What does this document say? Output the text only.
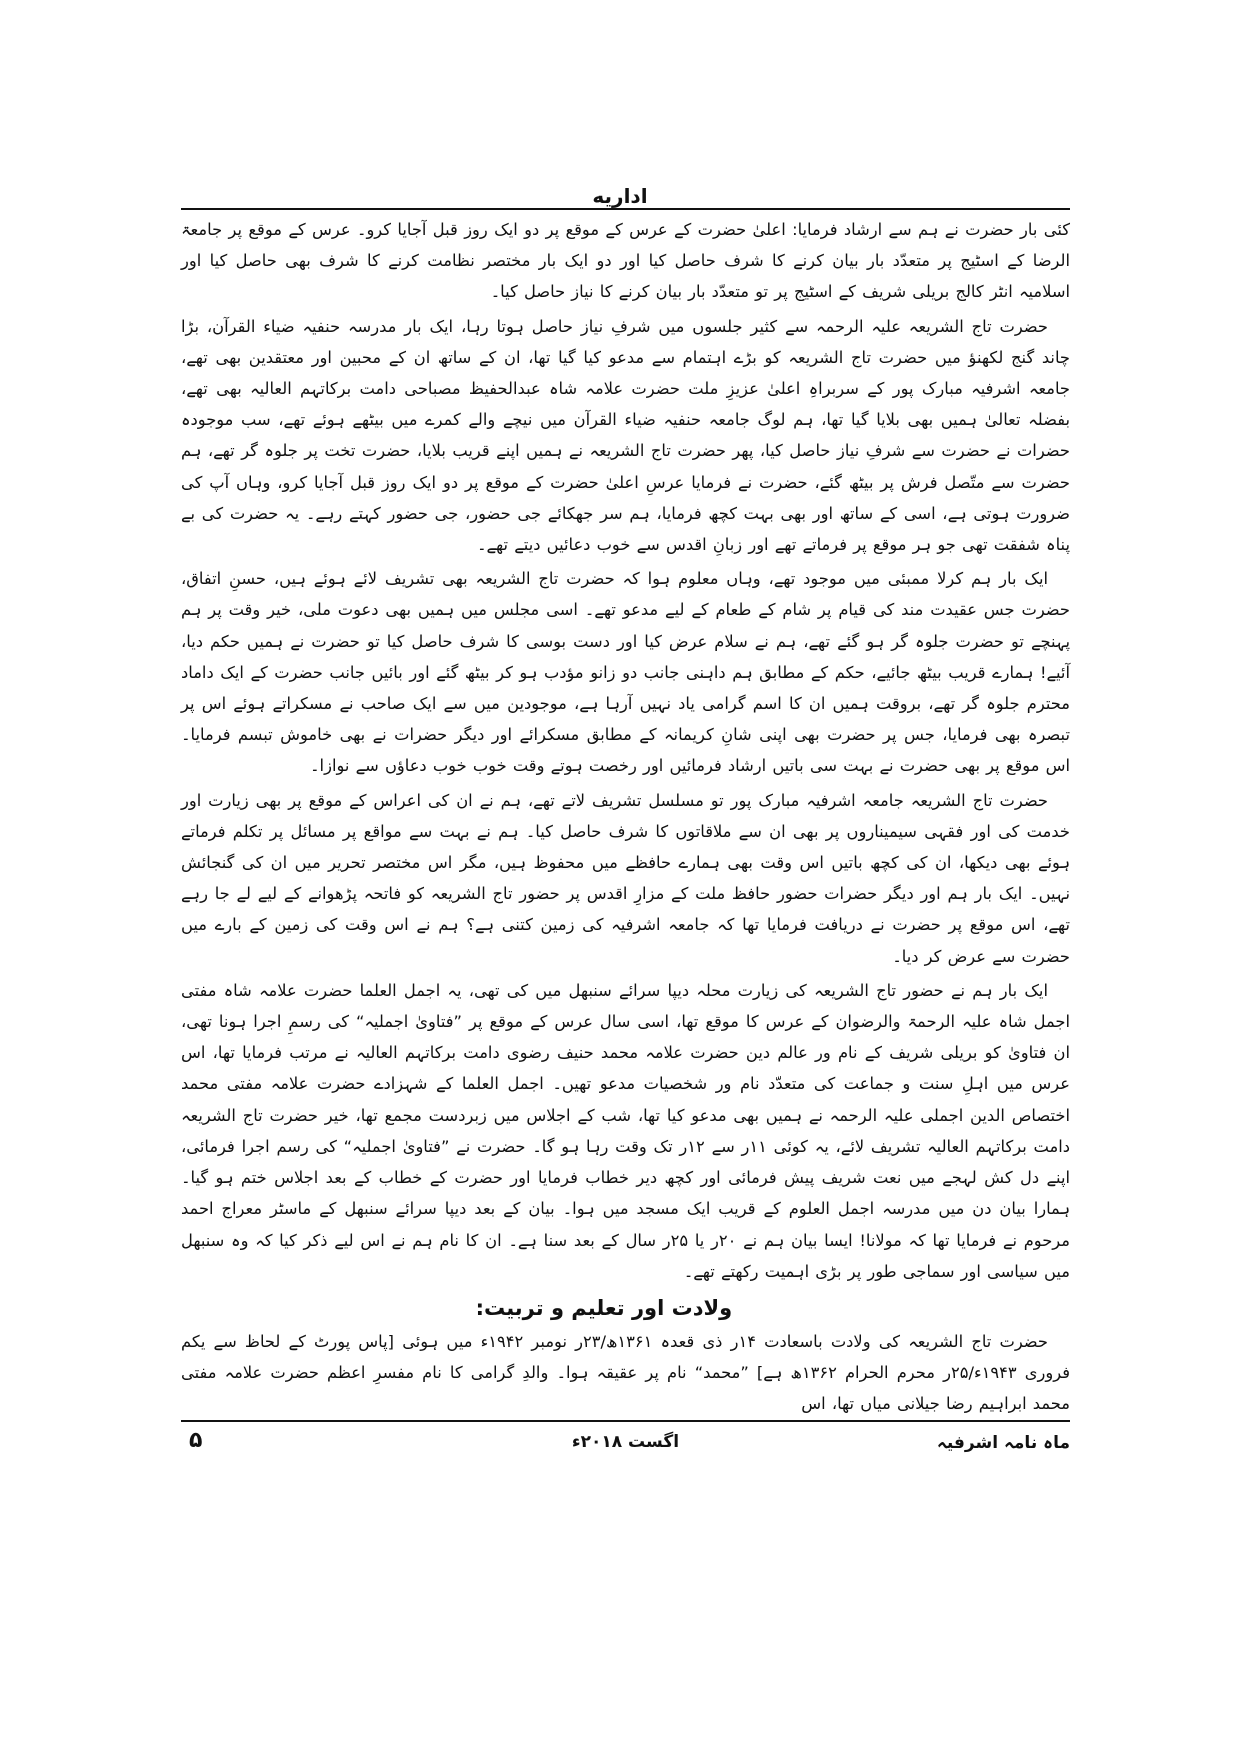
اداریه

کئی بار حضرت نے ہم سے ارشاد فرمایا: اعلیٰ حضرت کے عرس کے موقع پر دو ایک روز قبل آجایا کرو۔ عرس کے موقع پر جامعۃ الرضا کے اسٹیج پر متعدّد بار بیان کرنے کا شرف حاصل کیا اور دو ایک بار مختصر نظامت کرنے کا شرف بھی حاصل کیا اور اسلامیہ انٹر کالج بریلی شریف کے اسٹیج پر تو متعدّد بار بیان کرنے کا نیاز حاصل کیا۔

حضرت تاج الشریعہ علیہ الرحمہ سے کثیر جلسوں میں شرفِ نیاز حاصل ہوتا رہا، ایک بار مدرسہ حنفیہ ضیاء القرآن، بڑا چاند گنج لکھنؤ میں حضرت تاج الشریعہ کو بڑے اہتمام سے مدعو کیا گیا تھا، ان کے ساتھ ان کے محبین اور معتقدین بھی تھے، جامعہ اشرفیہ مبارک پور کے سربراہِ اعلیٰ عزیزِ ملت حضرت علامہ شاہ عبدالحفیظ مصباحی دامت برکاتہم العالیہ بھی تھے، بفضلہ تعالیٰ ہمیں بھی بلایا گیا تھا، ہم لوگ جامعہ حنفیہ ضیاء القرآن میں نیچے والے کمرے میں بیٹھے ہوئے تھے، سب موجودہ حضرات نے حضرت سے شرفِ نیاز حاصل کیا، پھر حضرت تاج الشریعہ نے ہمیں اپنے قریب بلایا، حضرت تخت پر جلوہ گر تھے، ہم حضرت سے متّصل فرش پر بیٹھ گئے، حضرت نے فرمایا عرسِ اعلیٰ حضرت کے موقع پر دو ایک روز قبل آجایا کرو، وہاں آپ کی ضرورت ہوتی ہے، اسی کے ساتھ اور بھی بہت کچھ فرمایا، ہم سر جھکائے جی حضور، جی حضور کہتے رہے۔ یہ حضرت کی بے پناہ شفقت تھی جو ہر موقع پر فرماتے تھے اور زبانِ اقدس سے خوب دعائیں دیتے تھے۔

ایک بار ہم کرلا ممبئی میں موجود تھے، وہاں معلوم ہوا کہ حضرت تاج الشریعہ بھی تشریف لائے ہوئے ہیں، حسنِ اتفاق، حضرت جس عقیدت مند کی قیام پر شام کے طعام کے لیے مدعو تھے۔ اسی مجلس میں ہمیں بھی دعوت ملی، خیر وقت پر ہم پہنچے تو حضرت جلوہ گر ہو گئے تھے، ہم نے سلام عرض کیا اور دست بوسی کا شرف حاصل کیا تو حضرت نے ہمیں حکم دیا، آئیے! ہمارے قریب بیٹھ جائیے، حکم کے مطابق ہم داہنی جانب دو زانو مؤدب ہو کر بیٹھ گئے اور بائیں جانب حضرت کے ایک داماد محترم جلوہ گر تھے، بروقت ہمیں ان کا اسم گرامی یاد نہیں آرہا ہے، موجودین میں سے ایک صاحب نے مسکراتے ہوئے اس پر تبصرہ بھی فرمایا، جس پر حضرت بھی اپنی شانِ کریمانہ کے مطابق مسکرائے اور دیگر حضرات نے بھی خاموش تبسم فرمایا۔ اس موقع پر بھی حضرت نے بہت سی باتیں ارشاد فرمائیں اور رخصت ہوتے وقت خوب خوب دعاؤں سے نوازا۔

حضرت تاج الشریعہ جامعہ اشرفیہ مبارک پور تو مسلسل تشریف لاتے تھے، ہم نے ان کی اعراس کے موقع پر بھی زیارت اور خدمت کی اور فقہی سیمیناروں پر بھی ان سے ملاقاتوں کا شرف حاصل کیا۔ ہم نے بہت سے مواقع پر مسائل پر تکلم فرماتے ہوئے بھی دیکھا، ان کی کچھ باتیں اس وقت بھی ہمارے حافظے میں محفوظ ہیں، مگر اس مختصر تحریر میں ان کی گنجائش نہیں۔ ایک بار ہم اور دیگر حضرات حضور حافظ ملت کے مزارِ اقدس پر حضور تاج الشریعہ کو فاتحہ پڑھوانے کے لیے لے جا رہے تھے، اس موقع پر حضرت نے دریافت فرمایا تھا کہ جامعہ اشرفیہ کی زمین کتنی ہے؟ ہم نے اس وقت کی زمین کے بارے میں حضرت سے عرض کر دیا۔

ایک بار ہم نے حضور تاج الشریعہ کی زیارت محلہ دیپا سرائے سنبھل میں کی تھی، یہ اجمل العلما حضرت علامہ شاہ مفتی اجمل شاہ علیہ الرحمۃ والرضوان کے عرس کا موقع تھا، اسی سال عرس کے موقع پر ”فتاویٰ اجملیہ“ کی رسمِ اجرا ہونا تھی، ان فتاویٰ کو بریلی شریف کے نام ور عالم دین حضرت علامہ محمد حنیف رضوی دامت برکاتہم العالیہ نے مرتب فرمایا تھا، اس عرس میں اہلِ سنت و جماعت کی متعدّد نام ور شخصیات مدعو تھیں۔ اجمل العلما کے شہزادے حضرت علامہ مفتی محمد اختصاص الدین اجملی علیہ الرحمہ نے ہمیں بھی مدعو کیا تھا، شب کے اجلاس میں زبردست مجمع تھا، خیر حضرت تاج الشریعہ دامت برکاتہم العالیہ تشریف لائے، یہ کوئی ۱۱ر سے ۱۲ر تک وقت رہا ہو گا۔ حضرت نے ”فتاویٰ اجملیہ“ کی رسم اجرا فرمائی، اپنے دل کش لہجے میں نعت شریف پیش فرمائی اور کچھ دیر خطاب فرمایا اور حضرت کے خطاب کے بعد اجلاس ختم ہو گیا۔ ہمارا بیان دن میں مدرسہ اجمل العلوم کے قریب ایک مسجد میں ہوا۔ بیان کے بعد دیپا سرائے سنبھل کے ماسٹر معراج احمد مرحوم نے فرمایا تھا کہ مولانا! ایسا بیان ہم نے ۲۰ر یا ۲۵ر سال کے بعد سنا ہے۔ ان کا نام ہم نے اس لیے ذکر کیا کہ وہ سنبھل میں سیاسی اور سماجی طور پر بڑی اہمیت رکھتے تھے۔

ولادت اور تعلیم و تربیت:

حضرت تاج الشریعہ کی ولادت باسعادت ۱۴ر ذی قعدہ ۱۳۶۱ھ/۲۳ر نومبر ۱۹۴۲ء میں ہوئی [پاس پورٹ کے لحاظ سے یکم فروری ۱۹۴۳ء/۲۵ر محرم الحرام ۱۳۶۲ھ ہے] ”محمد“ نام پر عقیقہ ہوا۔ والدِ گرامی کا نام مفسرِ اعظم حضرت علامہ مفتی محمد ابراہیم رضا جیلانی میاں تھا، اس

ماہ نامہ اشرفیہ
اگست ۲۰۱۸ء
۵
